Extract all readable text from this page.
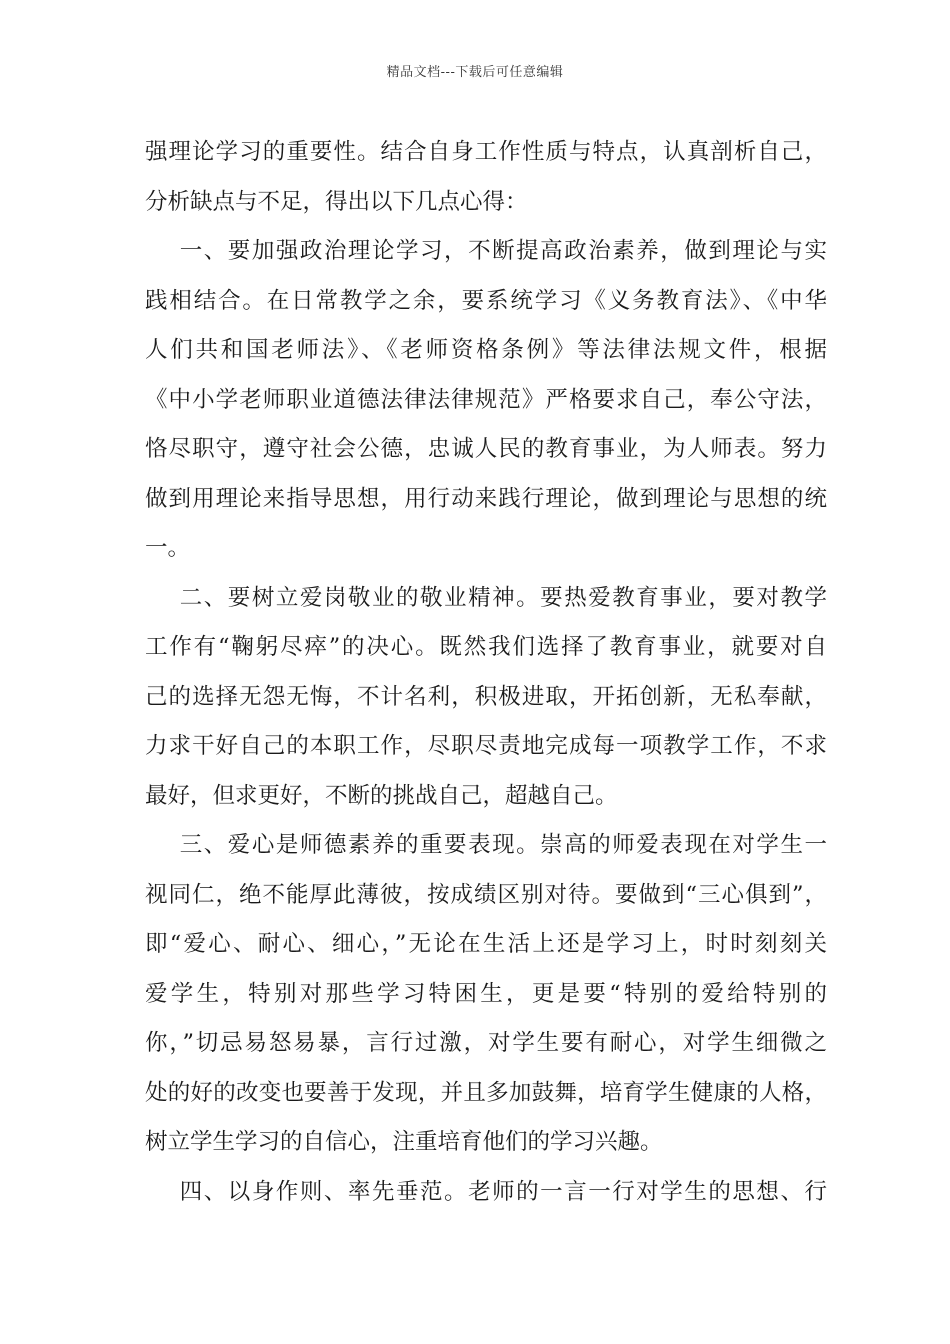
精品文档---下载后可任意编辑
强理论学习的重要性。结合自身工作性质与特点，认真剖析自己，
分析缺点与不足，得出以下几点心得：
一、要加强政治理论学习，不断提高政治素养，做到理论与实
践相结合。在日常教学之余，要系统学习《义务教育法》、《中华
人们共和国老师法》、《老师资格条例》等法律法规文件，根据
《中小学老师职业道德法律法律规范》严格要求自己，奉公守法，
恪尽职守，遵守社会公德，忠诚人民的教育事业，为人师表。努力
做到用理论来指导思想，用行动来践行理论，做到理论与思想的统
一。
二、要树立爱岗敬业的敬业精神。要热爱教育事业，要对教学
工作有“鞠躬尽瘁”的决心。既然我们选择了教育事业，就要对自
己的选择无怨无悔，不计名利，积极进取，开拓创新，无私奉献，
力求干好自己的本职工作，尽职尽责地完成每一项教学工作，不求
最好，但求更好，不断的挑战自己，超越自己。
三、爱心是师德素养的重要表现。崇高的师爱表现在对学生一
视同仁，绝不能厚此薄彼，按成绩区别对待。要做到“三心俱到”，
即“爱心、耐心、细心，”无论在生活上还是学习上，时时刻刻关
爱学生，特别对那些学习特困生，更是要“特别的爱给特别的
你，”切忌易怒易暴，言行过激，对学生要有耐心，对学生细微之
处的好的改变也要善于发现，并且多加鼓舞，培育学生健康的人格，
树立学生学习的自信心，注重培育他们的学习兴趣。
四、以身作则、率先垂范。老师的一言一行对学生的思想、行
